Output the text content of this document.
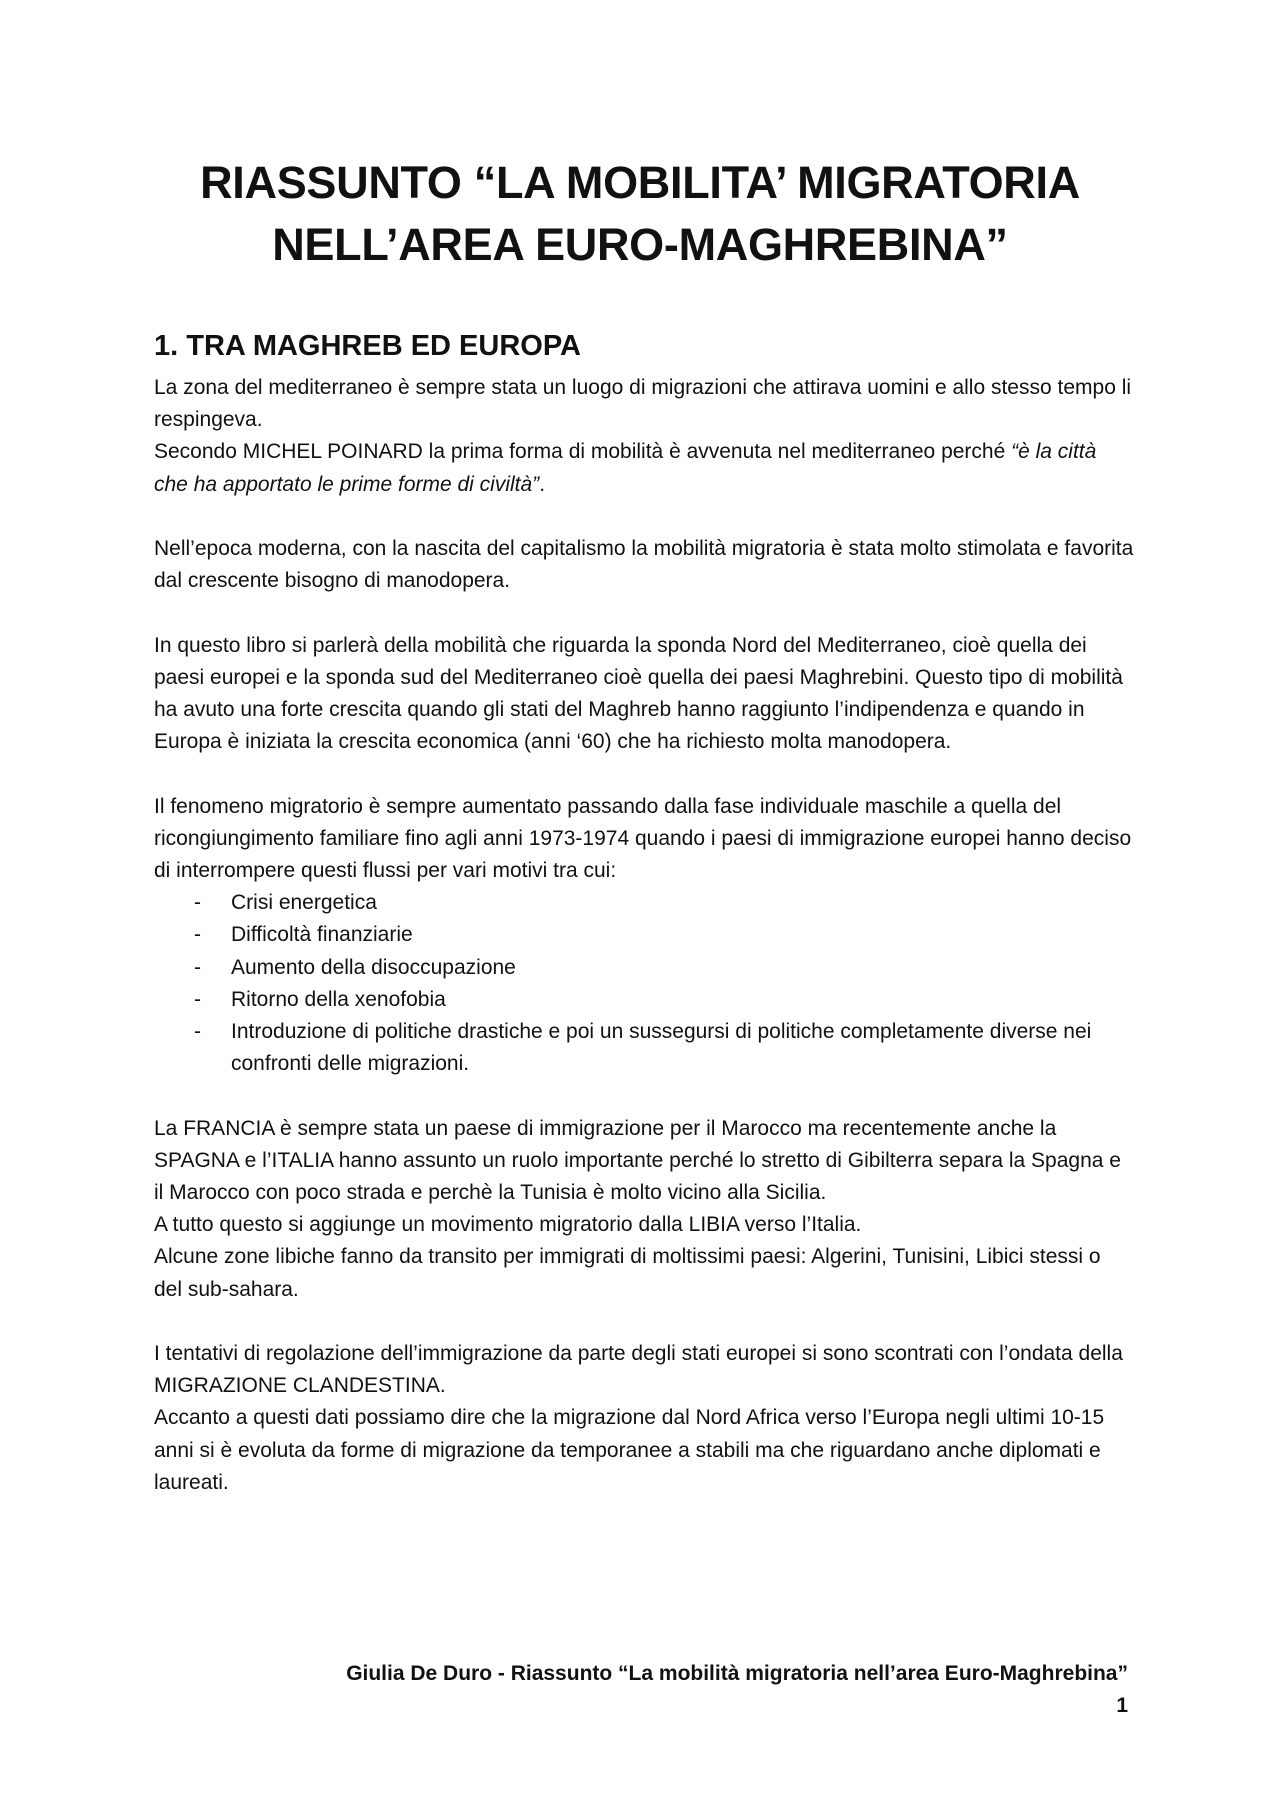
RIASSUNTO “LA MOBILITA’ MIGRATORIA
NELL’AREA EURO-MAGHREBINA”
1. TRA MAGHREB ED EUROPA

La zona del mediterraneo è sempre stata un luogo di migrazioni che attirava uomini e allo stesso tempo li respingeva.

Secondo MICHEL POINARD la prima forma di mobilità è avvenuta nel mediterraneo perché “è la città che ha apportato le prime forme di civiltà”.

Nell’epoca moderna, con la nascita del capitalismo la mobilità migratoria è stata molto stimolata e favorita dal crescente bisogno di manodopera.

In questo libro si parlerà della mobilità che riguarda la sponda Nord del Mediterraneo, cioè quella dei paesi europei e la sponda sud del Mediterraneo cioè quella dei paesi Maghrebini. Questo tipo di mobilità ha avuto una forte crescita quando gli stati del Maghreb hanno raggiunto l’indipendenza e quando in Europa è iniziata la crescita economica (anni ‘60) che ha richiesto molta manodopera.

Il fenomeno migratorio è sempre aumentato passando dalla fase individuale maschile a quella del ricongiungimento familiare fino agli anni 1973-1974 quando i paesi di immigrazione europei hanno deciso di interrompere questi flussi per vari motivi tra cui:

- Crisi energetica
- Difficoltà finanziarie
- Aumento della disoccupazione
- Ritorno della xenofobia
- Introduzione di politiche drastiche e poi un sussegursi di politiche completamente diverse nei confronti delle migrazioni.

La FRANCIA è sempre stata un paese di immigrazione per il Marocco ma recentemente anche la SPAGNA e l’ITALIA hanno assunto un ruolo importante perché lo stretto di Gibilterra separa la Spagna e il Marocco con poco strada e perchè la Tunisia è molto vicino alla Sicilia.

A tutto questo si aggiunge un movimento migratorio dalla LIBIA verso l’Italia.

Alcune zone libiche fanno da transito per immigrati di moltissimi paesi: Algerini, Tunisini, Libici stessi o del sub-sahara.

I tentativi di regolazione dell’immigrazione da parte degli stati europei si sono scontrati con l’ondata della MIGRAZIONE CLANDESTINA.

Accanto a questi dati possiamo dire che la migrazione dal Nord Africa verso l’Europa negli ultimi 10-15 anni si è evoluta da forme di migrazione da temporanee a stabili ma che riguardano anche diplomati e laureati.

Giulia De Duro - Riassunto “La mobilità migratoria nell’area Euro-Maghrebina”
1
